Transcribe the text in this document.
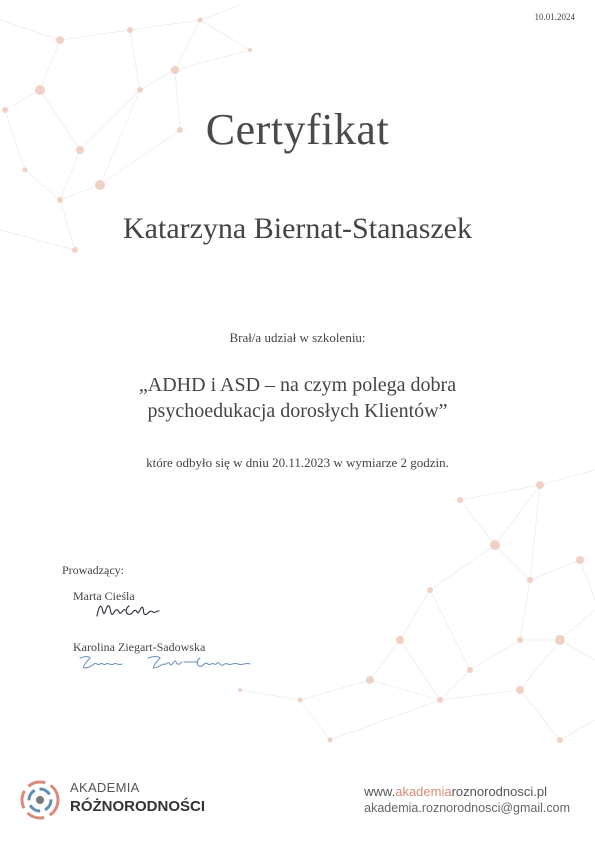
10.01.2024
Certyfikat
Katarzyna Biernat-Stanaszek
Brał/a udział w szkoleniu:
„ADHD i ASD – na czym polega dobra
psychoedukacja dorosłych Klientów”
które odbyło się w dniu 20.11.2023 w wymiarze 2 godzin.
Prowadzący:
Marta Cieśla
Karolina Ziegart-Sadowska
AKADEMIA
RÓŻNORODNOŚCI
www.akademiaroznorodnosci.pl
akademia.roznorodnosci@gmail.com
